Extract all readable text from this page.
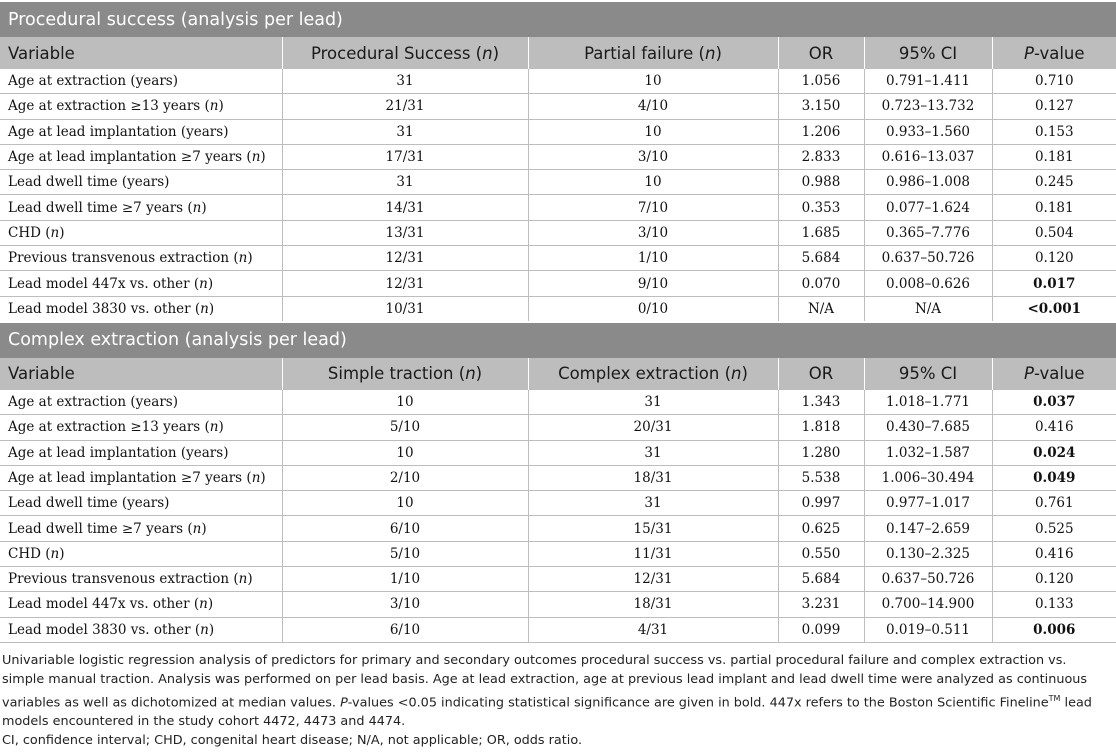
Procedural success (analysis per lead)					
Variable	Procedural Success (n)	Partial failure (n)	OR	95% CI	P-value
Age at extraction (years)	31	10	1.056	0.791–1.411	0.710
Age at extraction ≥13 years (n)	21/31	4/10	3.150	0.723–13.732	0.127
Age at lead implantation (years)	31	10	1.206	0.933–1.560	0.153
Age at lead implantation ≥7 years (n)	17/31	3/10	2.833	0.616–13.037	0.181
Lead dwell time (years)	31	10	0.988	0.986–1.008	0.245
Lead dwell time ≥7 years (n)	14/31	7/10	0.353	0.077–1.624	0.181
CHD (n)	13/31	3/10	1.685	0.365–7.776	0.504
Previous transvenous extraction (n)	12/31	1/10	5.684	0.637–50.726	0.120
Lead model 447x vs. other (n)	12/31	9/10	0.070	0.008–0.626	0.017
Lead model 3830 vs. other (n)	10/31	0/10	N/A	N/A	<0.001
Complex extraction (analysis per lead)					
Variable	Simple traction (n)	Complex extraction (n)	OR	95% CI	P-value
Age at extraction (years)	10	31	1.343	1.018–1.771	0.037
Age at extraction ≥13 years (n)	5/10	20/31	1.818	0.430–7.685	0.416
Age at lead implantation (years)	10	31	1.280	1.032–1.587	0.024
Age at lead implantation ≥7 years (n)	2/10	18/31	5.538	1.006–30.494	0.049
Lead dwell time (years)	10	31	0.997	0.977–1.017	0.761
Lead dwell time ≥7 years (n)	6/10	15/31	0.625	0.147–2.659	0.525
CHD (n)	5/10	11/31	0.550	0.130–2.325	0.416
Previous transvenous extraction (n)	1/10	12/31	5.684	0.637–50.726	0.120
Lead model 447x vs. other (n)	3/10	18/31	3.231	0.700–14.900	0.133
Lead model 3830 vs. other (n)	6/10	4/31	0.099	0.019–0.511	0.006

Univariable logistic regression analysis of predictors for primary and secondary outcomes procedural success vs. partial procedural failure and complex extraction vs. simple manual traction. Analysis was performed on per lead basis. Age at lead extraction, age at previous lead implant and lead dwell time were analyzed as continuous variables as well as dichotomized at median values. P-values <0.05 indicating statistical significance are given in bold. 447x refers to the Boston Scientific Fineline™ lead models encountered in the study cohort 4472, 4473 and 4474.

CI, confidence interval; CHD, congenital heart disease; N/A, not applicable; OR, odds ratio.
